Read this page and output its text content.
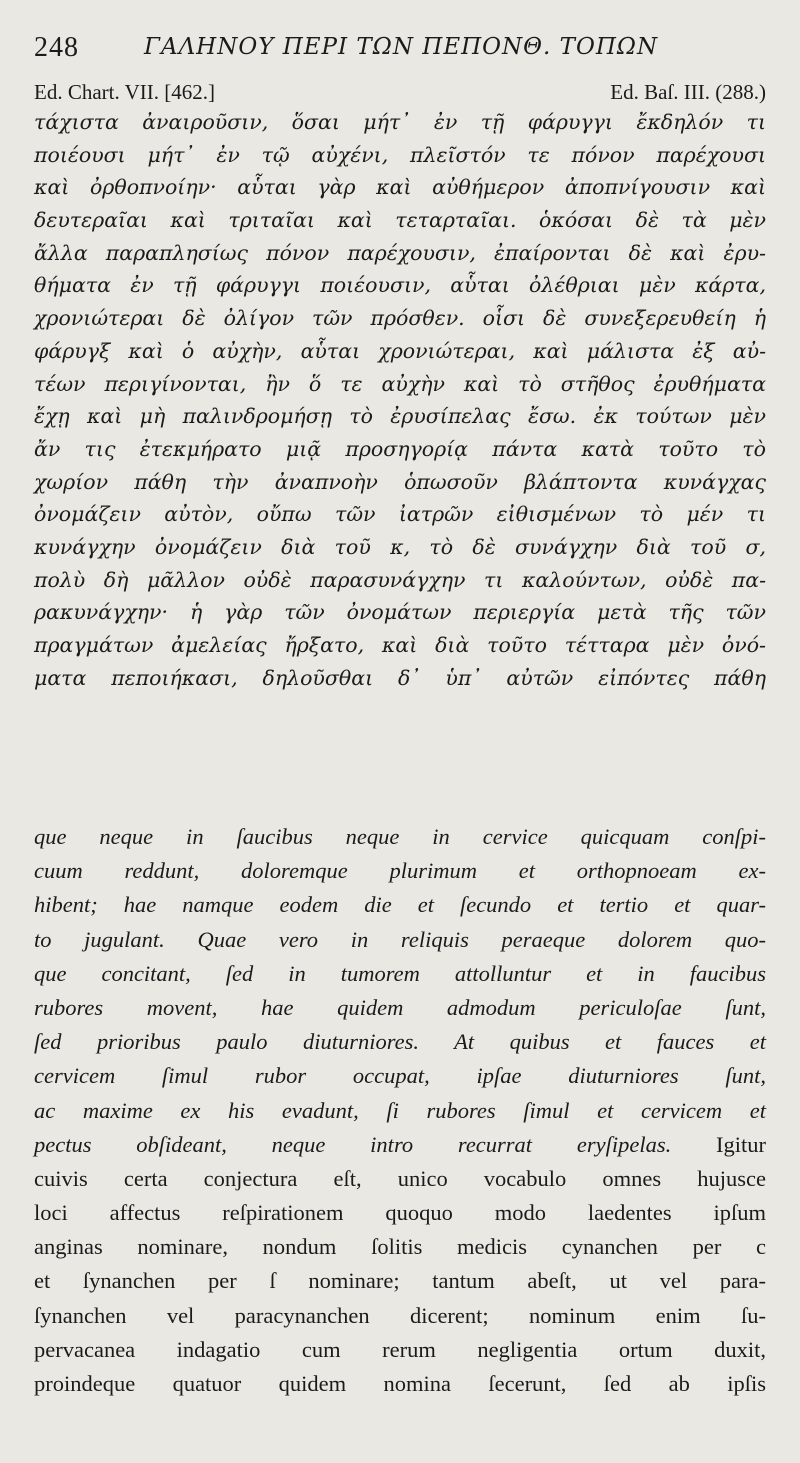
248	ΓΑΛΗΝΟΥ ΠΕΡΙ ΤΩΝ ΠΕΠΟΝΘ. ΤΟΠΩΝ
Ed. Chart. VII. [462.]	Ed. Baſ. III. (288.)
τάχιστα ἀναιροῦσιν, ὅσαι μήτ᾽ ἐν τῇ φάρυγγι ἔκδηλόν τι
ποιέουσι μήτ᾽ ἐν τῷ αὐχένι, πλεῖστόν τε πόνον παρέχουσι
καὶ ὀρθοπνοίην· αὗται γὰρ καὶ αὐθήμερον ἀποπνίγουσιν καὶ
δευτεραῖαι καὶ τριταῖαι καὶ τεταρταῖαι. ὁκόσαι δὲ τὰ μὲν
ἄλλα παραπλησίως πόνον παρέχουσιν, ἐπαίρονται δὲ καὶ ἐρυ-
θήματα ἐν τῇ φάρυγγι ποιέουσιν, αὗται ὀλέθριαι μὲν κάρτα,
χρονιώτεραι δὲ ὀλίγον τῶν πρόσθεν. οἷσι δὲ συνεξερευθείη ἡ
φάρυγξ καὶ ὁ αὐχὴν, αὗται χρονιώτεραι, καὶ μάλιστα ἐξ αὐ-
τέων περιγίνονται, ἢν ὅ τε αὐχὴν καὶ τὸ στῆθος ἐρυθήματα
ἔχῃ καὶ μὴ παλινδρομήσῃ τὸ ἐρυσίπελας ἔσω. ἐκ τούτων μὲν
ἄν τις ἐτεκμήρατο μιᾷ προσηγορίᾳ πάντα κατὰ τοῦτο τὸ
χωρίον πάθη τὴν ἀναπνοὴν ὁπωσοῦν βλάπτοντα κυνάγχας
ὀνομάζειν αὐτὸν, οὔπω τῶν ἰατρῶν εἰθισμένων τὸ μέν τι
κυνάγχην ὀνομάζειν διὰ τοῦ κ, τὸ δὲ συνάγχην διὰ τοῦ σ,
πολὺ δὴ μᾶλλον οὐδὲ παρασυνάγχην τι καλούντων, οὐδὲ πα-
ρακυνάγχην· ἡ γὰρ τῶν ὀνομάτων περιεργία μετὰ τῆς τῶν
πραγμάτων ἀμελείας ἤρξατο, καὶ διὰ τοῦτο τέτταρα μὲν ὀνό-
ματα πεποιήκασι, δηλοῦσθαι δ᾽ ὑπ᾽ αὐτῶν εἰπόντες πάθη
que neque in ſaucibus neque in cervice quicquam conſpi-
cuum reddunt, doloremque plurimum et orthopnoeam ex-
hibent; hae namque eodem die et ſecundo et tertio et quar-
to jugulant. Quae vero in reliquis peraeque dolorem quo-
que concitant, ſed in tumorem attolluntur et in faucibus
rubores movent, hae quidem admodum periculoſae ſunt,
ſed prioribus paulo diuturniores. At quibus et fauces et
cervicem ſimul rubor occupat, ipſae diuturniores ſunt,
ac maxime ex his evadunt, ſi rubores ſimul et cervicem et
pectus obſideant, neque intro recurrat eryſipelas. Igitur
cuivis certa conjectura eſt, unico vocabulo omnes hujusce
loci affectus reſpirationem quoquo modo laedentes ipſum
anginas nominare, nondum ſolitis medicis cynanchen per c
et ſynanchen per ſ nominare; tantum abeſt, ut vel para-
ſynanchen vel paracynanchen dicerent; nominum enim ſu-
pervacanea indagatio cum rerum negligentia ortum duxit,
proindeque quatuor quidem nomina ſecerunt, ſed ab ipſis
